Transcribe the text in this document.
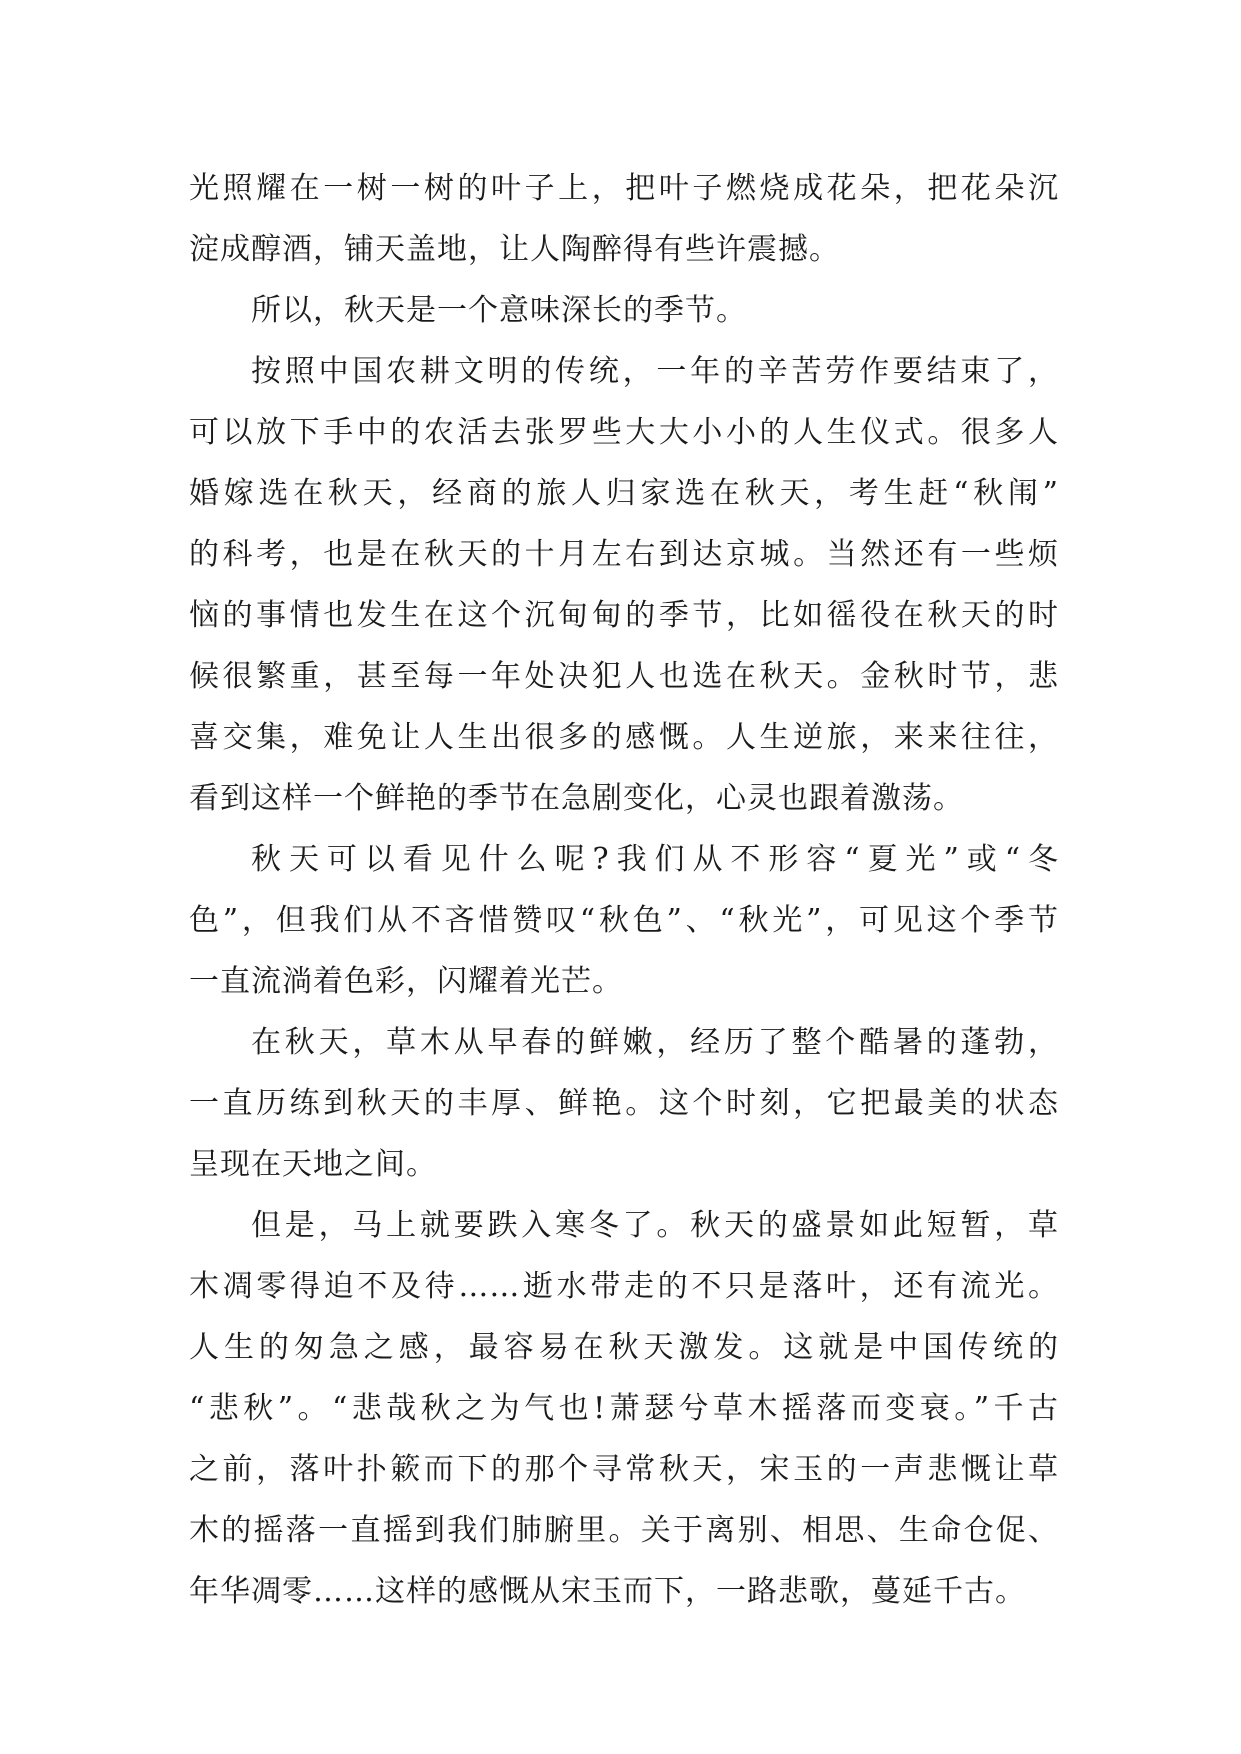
光照耀在一树一树的叶子上，把叶子燃烧成花朵，把花朵沉
淀成醇酒，铺天盖地，让人陶醉得有些许震撼。
所以，秋天是一个意味深长的季节。
按照中国农耕文明的传统，一年的辛苦劳作要结束了，
可以放下手中的农活去张罗些大大小小的人生仪式。很多人
婚嫁选在秋天，经商的旅人归家选在秋天，考生赶“秋闱”
的科考，也是在秋天的十月左右到达京城。当然还有一些烦
恼的事情也发生在这个沉甸甸的季节，比如徭役在秋天的时
候很繁重，甚至每一年处决犯人也选在秋天。金秋时节，悲
喜交集，难免让人生出很多的感慨。人生逆旅，来来往往，
看到这样一个鲜艳的季节在急剧变化，心灵也跟着激荡。
秋天可以看见什么呢?我们从不形容“夏光”或“冬
色”，但我们从不吝惜赞叹“秋色”、“秋光”，可见这个季节
一直流淌着色彩，闪耀着光芒。
在秋天，草木从早春的鲜嫩，经历了整个酷暑的蓬勃，
一直历练到秋天的丰厚、鲜艳。这个时刻，它把最美的状态
呈现在天地之间。
但是，马上就要跌入寒冬了。秋天的盛景如此短暂，草
木凋零得迫不及待……逝水带走的不只是落叶，还有流光。
人生的匆急之感，最容易在秋天激发。这就是中国传统的
“悲秋”。“悲哉秋之为气也!萧瑟兮草木摇落而变衰。”千古
之前，落叶扑簌而下的那个寻常秋天，宋玉的一声悲慨让草
木的摇落一直摇到我们肺腑里。关于离别、相思、生命仓促、
年华凋零……这样的感慨从宋玉而下，一路悲歌，蔓延千古。
